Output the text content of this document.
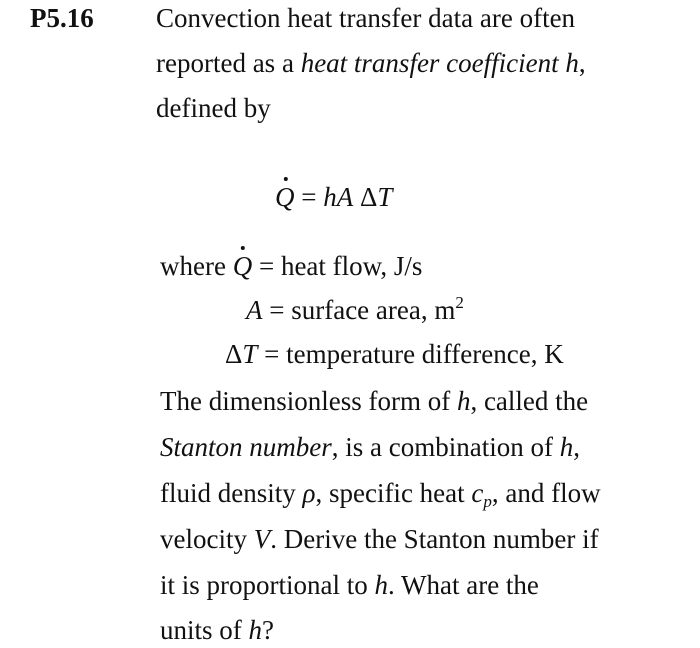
P5.16 Convection heat transfer data are often
reported as a heat transfer coefficient h,
defined by
Q = hA ΔT
where Q = heat flow, J/s
A = surface area, $m^2$
ΔT = temperature difference, K
The dimensionless form of h, called the
Stanton number, is a combination of h,
fluid density ρ, specific heat $c_p$, and flow
velocity V. Derive the Stanton number if
it is proportional to h. What are the
units of h?
